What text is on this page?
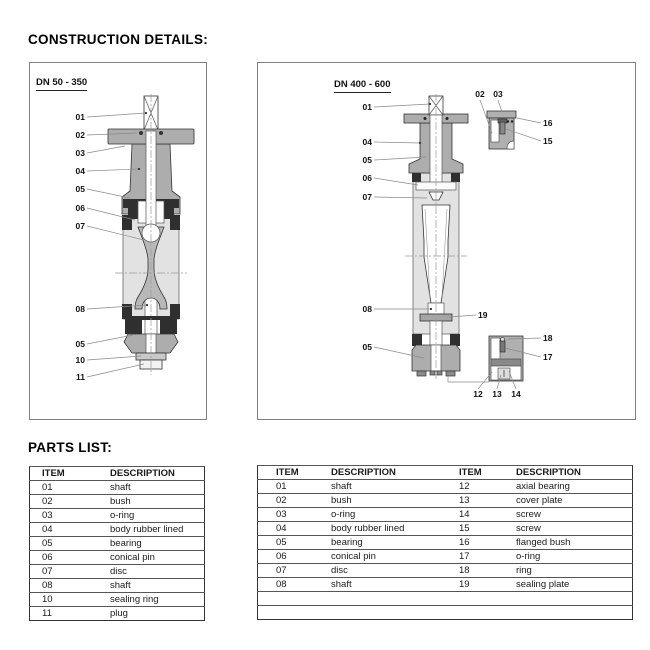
CONSTRUCTION DETAILS:
DN 50 - 350
01
02
03
04
05
06
07
08
05
10
11
DN 400 - 600
01
04
05
06
07
08
05
19
02 03
16
15
18
17
12 13 14
PARTS LIST:
ITEM	DESCRIPTION
01	shaft
02	bush
03	o-ring
04	body rubber lined
05	bearing
06	conical pin
07	disc
08	shaft
10	sealing ring
11	plug
ITEM	DESCRIPTION	ITEM	DESCRIPTION
01	shaft	12	axial bearing
02	bush	13	cover plate
03	o-ring	14	screw
04	body rubber lined	15	screw
05	bearing	16	flanged bush
06	conical pin	17	o-ring
07	disc	18	ring
08	shaft	19	sealing plate
